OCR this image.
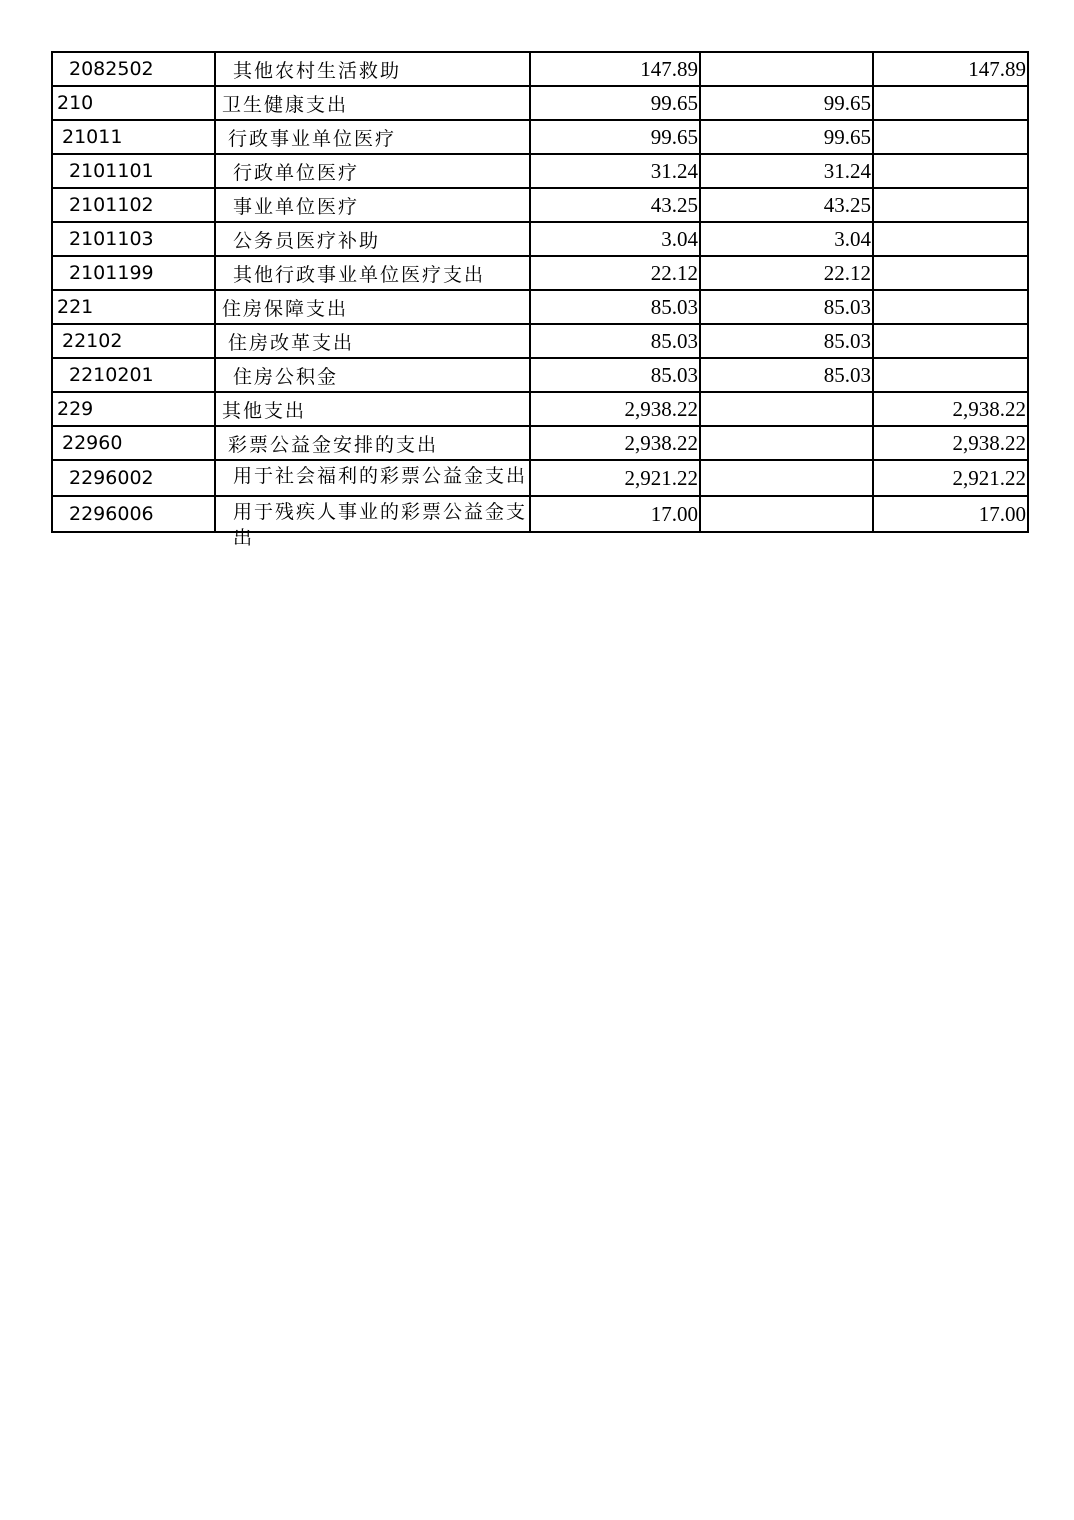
2082502	其他农村生活救助	147.89		147.89
210	卫生健康支出	99.65	99.65	
21011	行政事业单位医疗	99.65	99.65	
2101101	行政单位医疗	31.24	31.24	
2101102	事业单位医疗	43.25	43.25	
2101103	公务员医疗补助	3.04	3.04	
2101199	其他行政事业单位医疗支出	22.12	22.12	
221	住房保障支出	85.03	85.03	
22102	住房改革支出	85.03	85.03	
2210201	住房公积金	85.03	85.03	
229	其他支出	2,938.22		2,938.22
22960	彩票公益金安排的支出	2,938.22		2,938.22
2296002	用于社会福利的彩票公益金支出	2,921.22		2,921.22
2296006	用于残疾人事业的彩票公益金支出	17.00		17.00
